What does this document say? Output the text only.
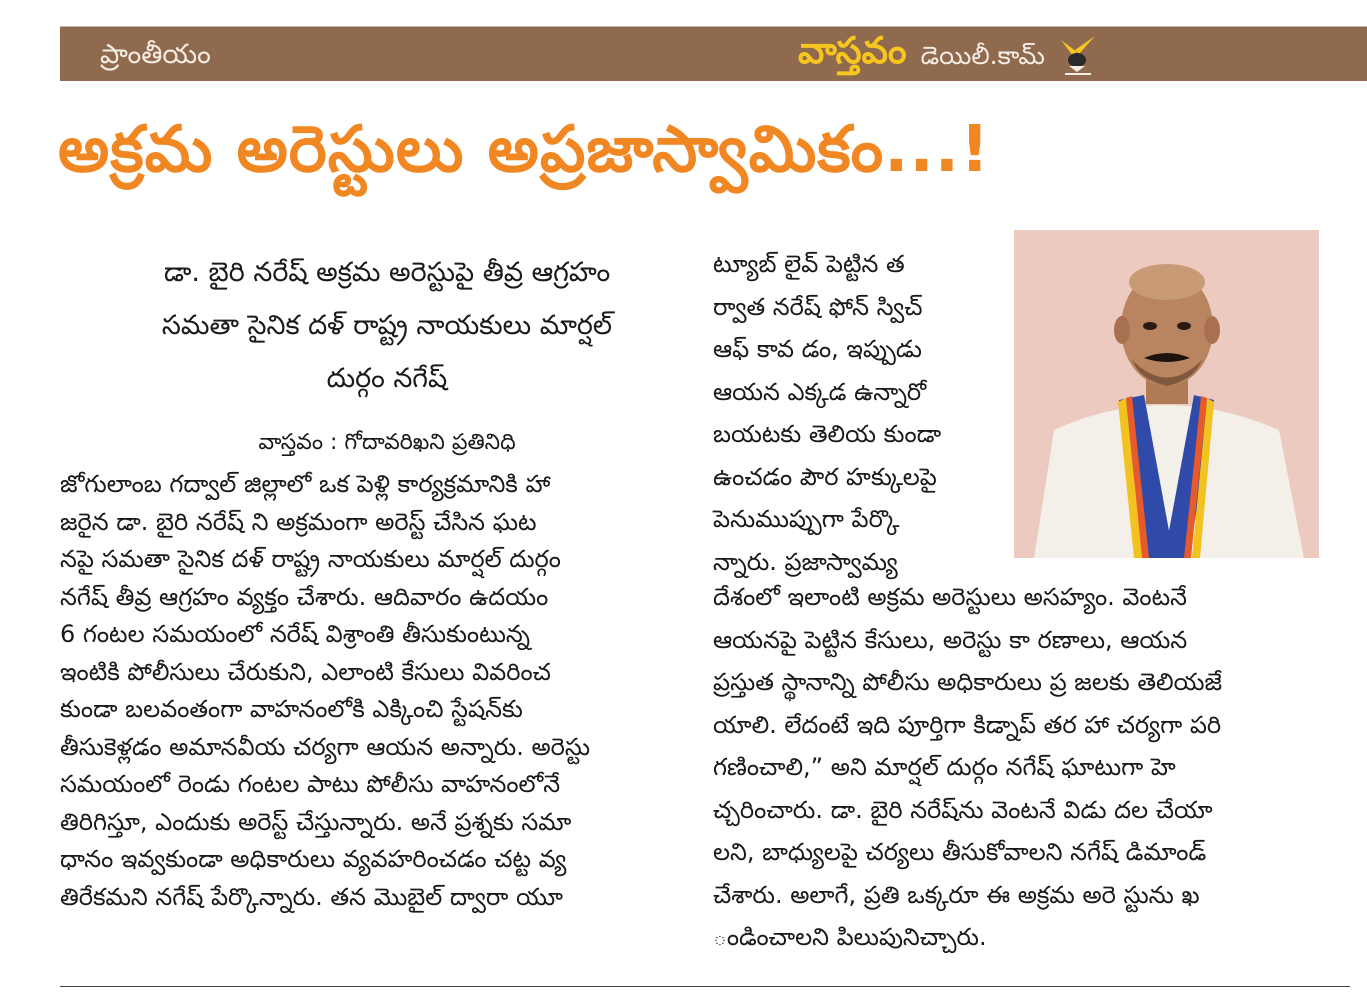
ప్రాంతీయం	వాస్తవం డెయిలీ.కామ్
అక్రమ అరెస్టులు అప్రజాస్వామికం...!
డా. బైరి నరేష్ అక్రమ అరెస్టుపై తీవ్ర ఆగ్రహం
సమతా సైనిక దళ్ రాష్ట్ర నాయకులు మార్షల్
దుర్గం నగేష్
వాస్తవం : గోదావరిఖని ప్రతినిధి
జోగులాంబ గద్వాల్ జిల్లాలో ఒక పెళ్లి కార్యక్రమానికి హా
జరైన డా. బైరి నరేష్ ని అక్రమంగా అరెస్ట్ చేసిన ఘట
నపై సమతా సైనిక దళ్ రాష్ట్ర నాయకులు మార్షల్ దుర్గం
నగేష్ తీవ్ర ఆగ్రహం వ్యక్తం చేశారు. ఆదివారం ఉదయం
6 గంటల సమయంలో నరేష్ విశ్రాంతి తీసుకుంటున్న
ఇంటికి పోలీసులు చేరుకుని, ఎలాంటి కేసులు వివరించ
కుండా బలవంతంగా వాహనంలోకి ఎక్కించి స్టేషన్‌కు
తీసుకెళ్లడం అమానవీయ చర్యగా ఆయన అన్నారు. అరెస్టు
సమయంలో రెండు గంటల పాటు పోలీసు వాహనంలోనే
తిరిగిస్తూ, ఎందుకు అరెస్ట్ చేస్తున్నారు. అనే ప్రశ్నకు సమా
ధానం ఇవ్వకుండా అధికారులు వ్యవహరించడం చట్ట వ్య
తిరేకమని నగేష్ పేర్కొన్నారు. తన మొబైల్ ద్వారా యూ
ట్యూబ్ లైవ్ పెట్టిన త
ర్వాత నరేష్ ఫోన్ స్విచ్
ఆఫ్ కావ డం, ఇప్పుడు
ఆయన ఎక్కడ ఉన్నారో
బయటకు తెలియ కుండా
ఉంచడం పౌర హక్కులపై
పెనుముప్పుగా పేర్కొ
న్నారు. ప్రజాస్వామ్య
దేశంలో ఇలాంటి అక్రమ అరెస్టులు అసహ్యం. వెంటనే
ఆయనపై పెట్టిన కేసులు, అరెస్టు కా రణాలు, ఆయన
ప్రస్తుత స్థానాన్ని పోలీసు అధికారులు ప్ర జలకు తెలియజే
యాలి. లేదంటే ఇది పూర్తిగా కిడ్నాప్ తర హా చర్యగా పరి
గణించాలి,” అని మార్షల్ దుర్గం నగేష్ ఘాటుగా హె
చ్చరించారు. డా. బైరి నరేష్‌ను వెంటనే విడు దల చేయా
లని, బాధ్యులపై చర్యలు తీసుకోవాలని నగేష్ డిమాండ్
చేశారు. అలాగే, ప్రతి ఒక్కరూ ఈ అక్రమ అరె స్టును ఖ
ండించాలని పిలుపునిచ్చారు.
